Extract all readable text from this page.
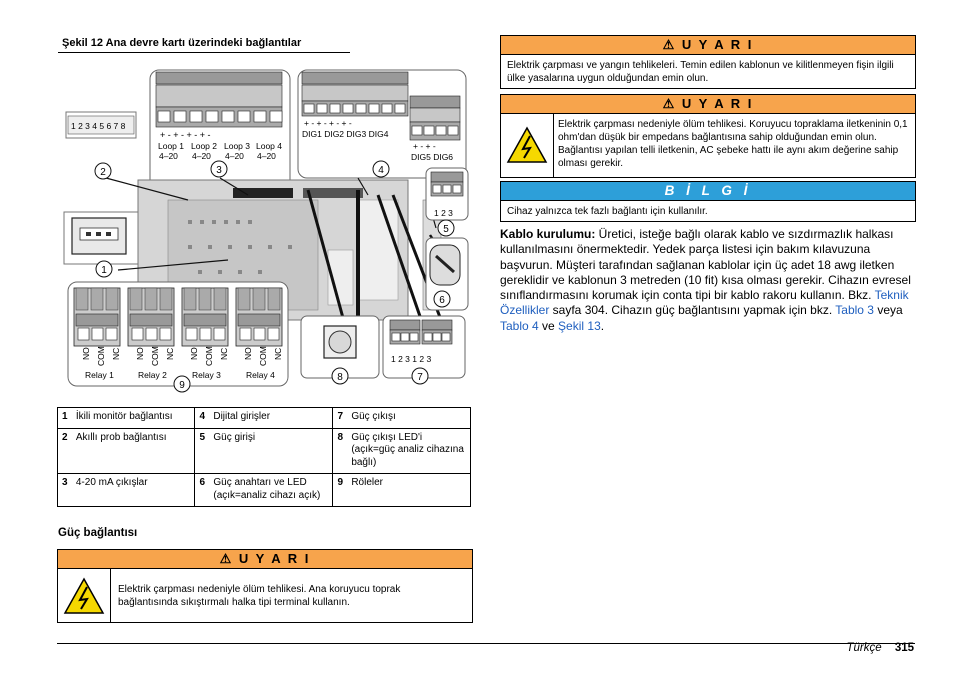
Şekil 12 Ana devre kartı üzerindeki bağlantılar
+ - + - + - + -
Loop 1 Loop 2 Loop 3 Loop 4
4–20 4–20 4–20 4–20
+ - + - + - + -
DIG1 DIG2 DIG3 DIG4
+ - + -
DIG5 DIG6
1 2 3 4 5 6 7 8
1 2 3
NO COM NC NO COM NC NO COM NC NO COM NC
Relay 1	Relay 2	Relay 3	Relay 4
1 2 3 1 2 3
1
2	3	4
5
6
7
8
9
1	İkili monitör bağlantısı	4	Dijital girişler	7	Güç çıkışı
2	Akıllı prob bağlantısı	5	Güç girişi	8	Güç çıkışı LED'i (açık=güç analiz cihazına bağlı)
3	4-20 mA çıkışlar	6	Güç anahtarı ve LED (açık=analiz cihazı açık)	9	Röleler
Güç bağlantısı
⚠ U Y A R I
Elektrik çarpması nedeniyle ölüm tehlikesi. Ana koruyucu toprak bağlantısında sıkıştırmalı halka tipi terminal kullanın.
⚠ U Y A R I
Elektrik çarpması ve yangın tehlikeleri. Temin edilen kablonun ve kilitlenmeyen fişin ilgili ülke yasalarına uygun olduğundan emin olun.
⚠ U Y A R I
Elektrik çarpması nedeniyle ölüm tehlikesi. Koruyucu topraklama iletkeninin 0,1 ohm'dan düşük bir empedans bağlantısına sahip olduğundan emin olun. Bağlantısı yapılan telli iletkenin, AC şebeke hattı ile aynı akım değerine sahip olması gerekir.
B İ L G İ
Cihaz yalnızca tek fazlı bağlantı için kullanılır.
Kablo kurulumu: Üretici, isteğe bağlı olarak kablo ve sızdırmazlık halkası kullanılmasını önermektedir. Yedek parça listesi için bakım kılavuzuna başvurun. Müşteri tarafından sağlanan kablolar için üç adet 18 awg iletken gereklidir ve kablonun 3 metreden (10 fit) kısa olması gerekir. Cihazın evresel sınıflandırmasını korumak için conta tipi bir kablo rakoru kullanın. Bkz. Teknik Özellikler sayfa 304. Cihazın güç bağlantısını yapmak için bkz. Tablo 3 veya Tablo 4 ve Şekil 13.
Türkçe 315
